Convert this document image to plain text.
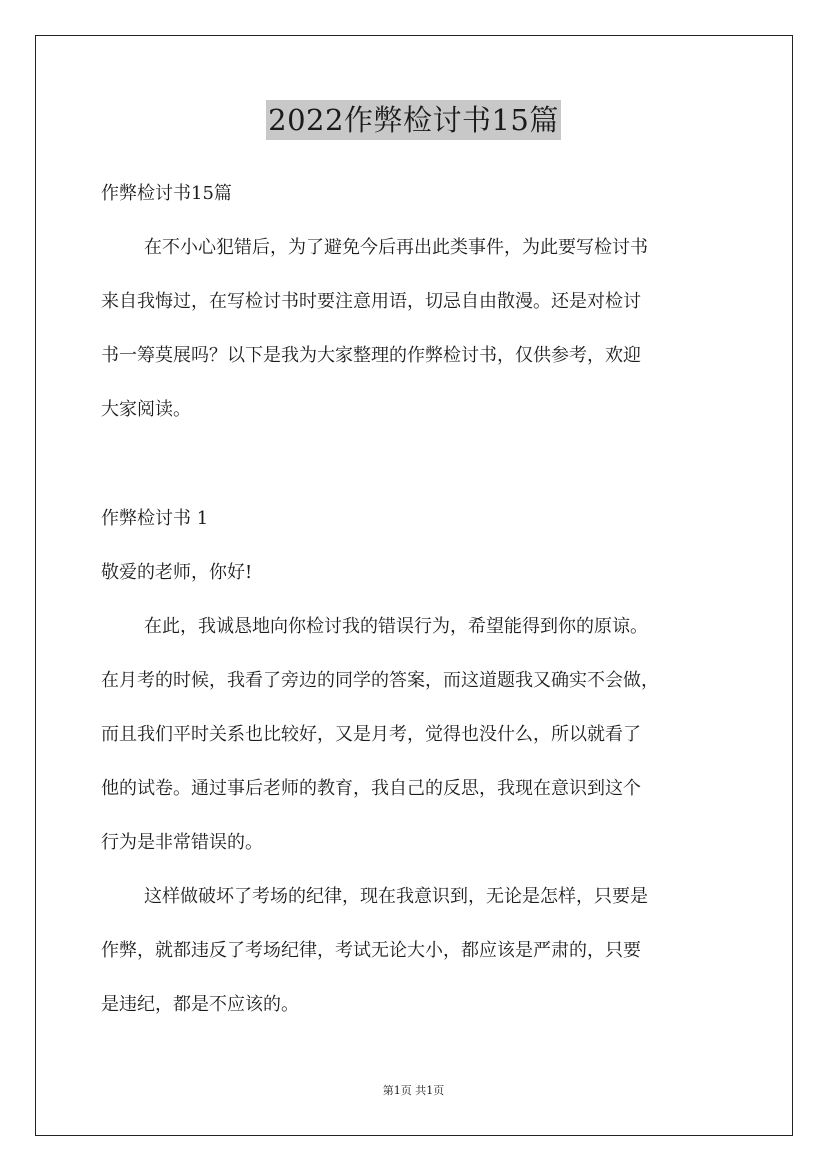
2022作弊检讨书15篇
作弊检讨书15篇
在不小心犯错后，为了避免今后再出此类事件，为此要写检讨书
来自我悔过，在写检讨书时要注意用语，切忌自由散漫。还是对检讨
书一筹莫展吗？以下是我为大家整理的作弊检讨书，仅供参考，欢迎
大家阅读。
作弊检讨书 1
敬爱的老师，你好!
在此，我诚恳地向你检讨我的错误行为，希望能得到你的原谅。
在月考的时候，我看了旁边的同学的答案，而这道题我又确实不会做，
而且我们平时关系也比较好，又是月考，觉得也没什么，所以就看了
他的试卷。通过事后老师的教育，我自己的反思，我现在意识到这个
行为是非常错误的。
这样做破坏了考场的纪律，现在我意识到，无论是怎样，只要是
作弊，就都违反了考场纪律，考试无论大小，都应该是严肃的，只要
是违纪，都是不应该的。
第1页 共1页
